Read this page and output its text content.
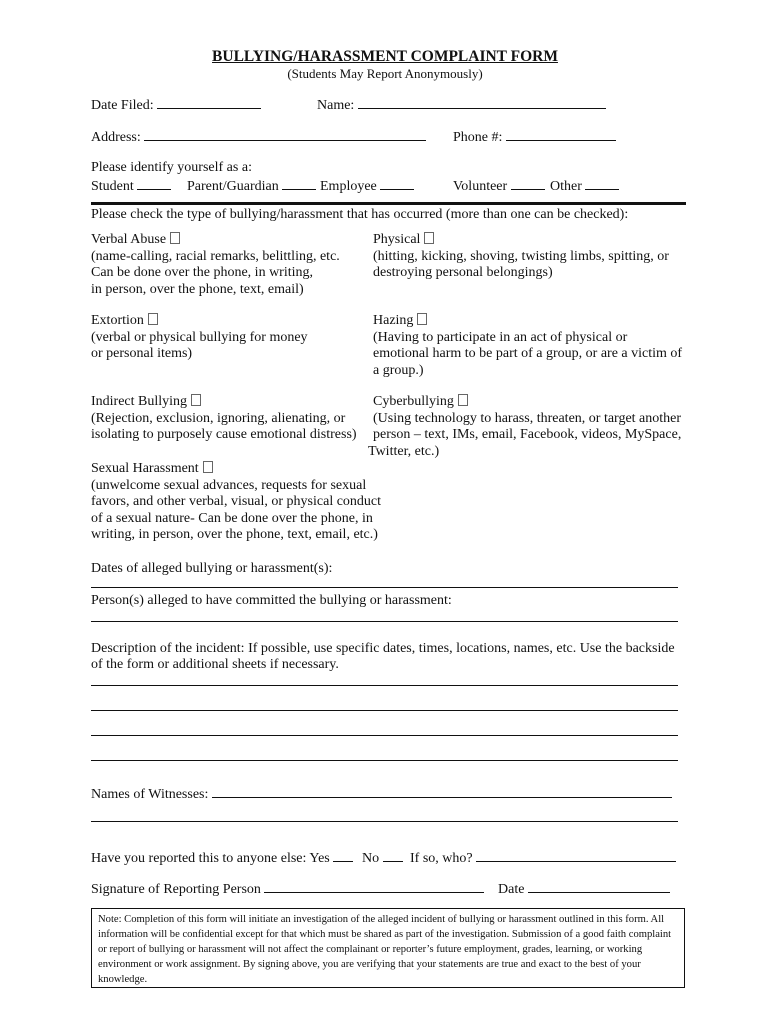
BULLYING/HARASSMENT COMPLAINT FORM
(Students May Report Anonymously)
Date Filed:	Name:
Address:	Phone #:
Please identify yourself as a:
Student	Parent/Guardian	Employee	Volunteer	Other
Please check the type of bullying/harassment that has occurred (more than one can be checked):
Verbal Abuse
(name-calling, racial remarks, belittling, etc.
Can be done over the phone, in writing,
in person, over the phone, text, email)
Physical
(hitting, kicking, shoving, twisting limbs, spitting, or
destroying personal belongings)
Extortion
(verbal or physical bullying for money
or personal items)
Hazing
(Having to participate in an act of physical or
emotional harm to be part of a group, or are a victim of
a group.)
Indirect Bullying
(Rejection, exclusion, ignoring, alienating, or
isolating to purposely cause emotional distress)
Cyberbullying
(Using technology to harass, threaten, or target another
person – text, IMs, email, Facebook, videos, MySpace,
Twitter, etc.)
Sexual Harassment
(unwelcome sexual advances, requests for sexual
favors, and other verbal, visual, or physical conduct
of a sexual nature- Can be done over the phone, in
writing, in person, over the phone, text, email, etc.)
Dates of alleged bullying or harassment(s):
Person(s) alleged to have committed the bullying or harassment:
Description of the incident: If possible, use specific dates, times, locations, names, etc. Use the backside
of the form or additional sheets if necessary.
Names of Witnesses:
Have you reported this to anyone else: Yes	No	If so, who?
Signature of Reporting Person	Date
Note: Completion of this form will initiate an investigation of the alleged incident of bullying or harassment outlined in this form. All information will be confidential except for that which must be shared as part of the investigation. Submission of a good faith complaint or report of bullying or harassment will not affect the complainant or reporter’s future employment, grades, learning, or working environment or work assignment. By signing above, you are verifying that your statements are true and exact to the best of your knowledge.
